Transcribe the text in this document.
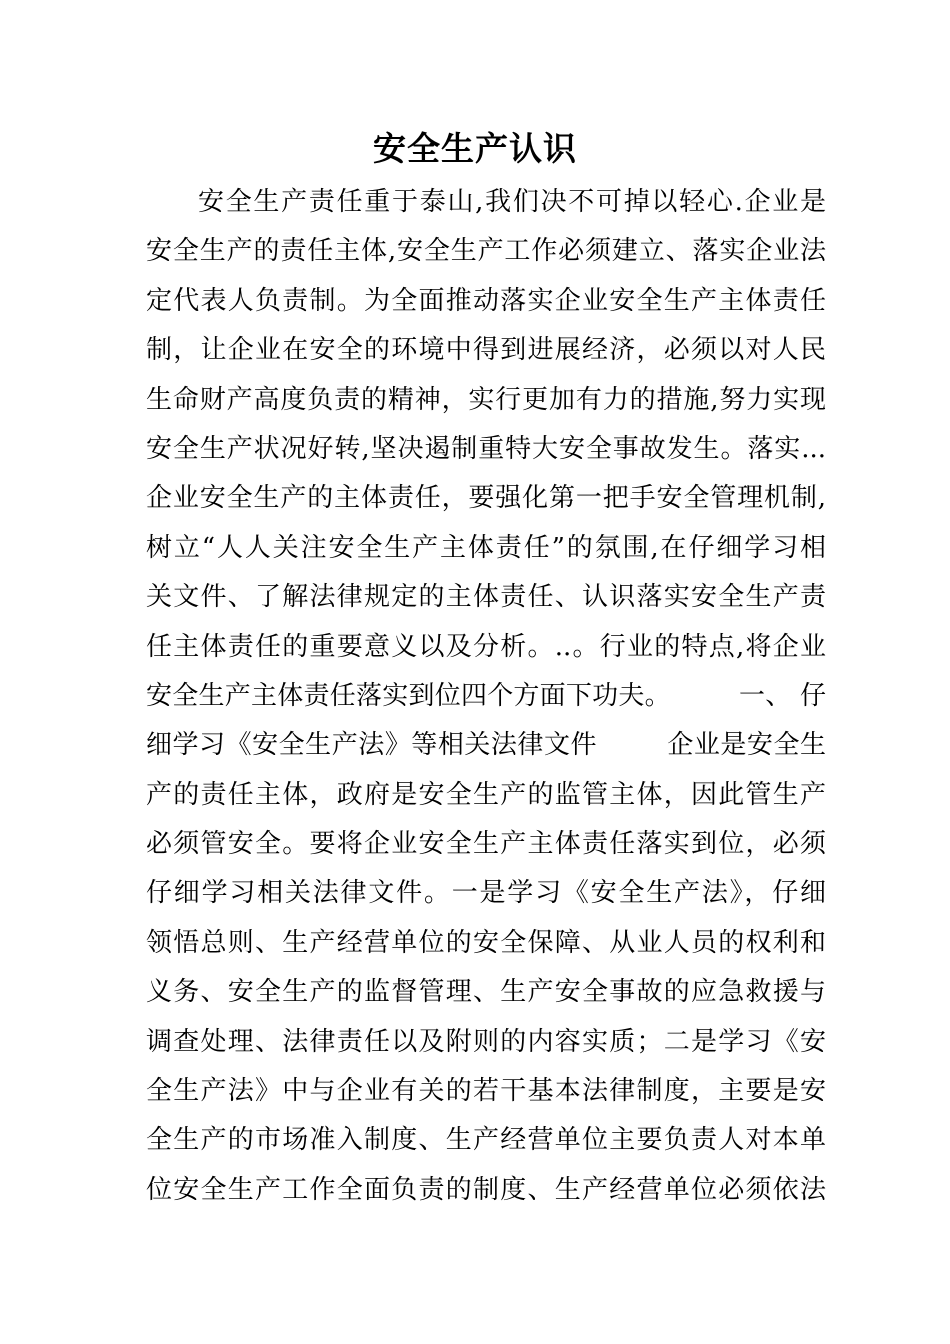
安全生产认识
安全生产责任重于泰山,我们决不可掉以轻心.企业是
安全生产的责任主体,安全生产工作必须建立、落实企业法
定代表人负责制。为全面推动落实企业安全生产主体责任
制，让企业在安全的环境中得到进展经济，必须以对人民
生命财产高度负责的精神，实行更加有力的措施,努力实现
安全生产状况好转,坚决遏制重特大安全事故发生。落实...
企业安全生产的主体责任，要强化第一把手安全管理机制,
树立“人人关注安全生产主体责任”的氛围,在仔细学习相
关文件、了解法律规定的主体责任、认识落实安全生产责
任主体责任的重要意义以及分析。..。行业的特点,将企业
安全生产主体责任落实到位四个方面下功夫。        一、 仔
细学习《安全生产法》等相关法律文件        企业是安全生
产的责任主体，政府是安全生产的监管主体，因此管生产
必须管安全。要将企业安全生产主体责任落实到位，必须
仔细学习相关法律文件。一是学习《安全生产法》，仔细
领悟总则、生产经营单位的安全保障、从业人员的权利和
义务、安全生产的监督管理、生产安全事故的应急救援与
调查处理、法律责任以及附则的内容实质；二是学习《安
全生产法》中与企业有关的若干基本法律制度，主要是安
全生产的市场准入制度、生产经营单位主要负责人对本单
位安全生产工作全面负责的制度、生产经营单位必须依法
